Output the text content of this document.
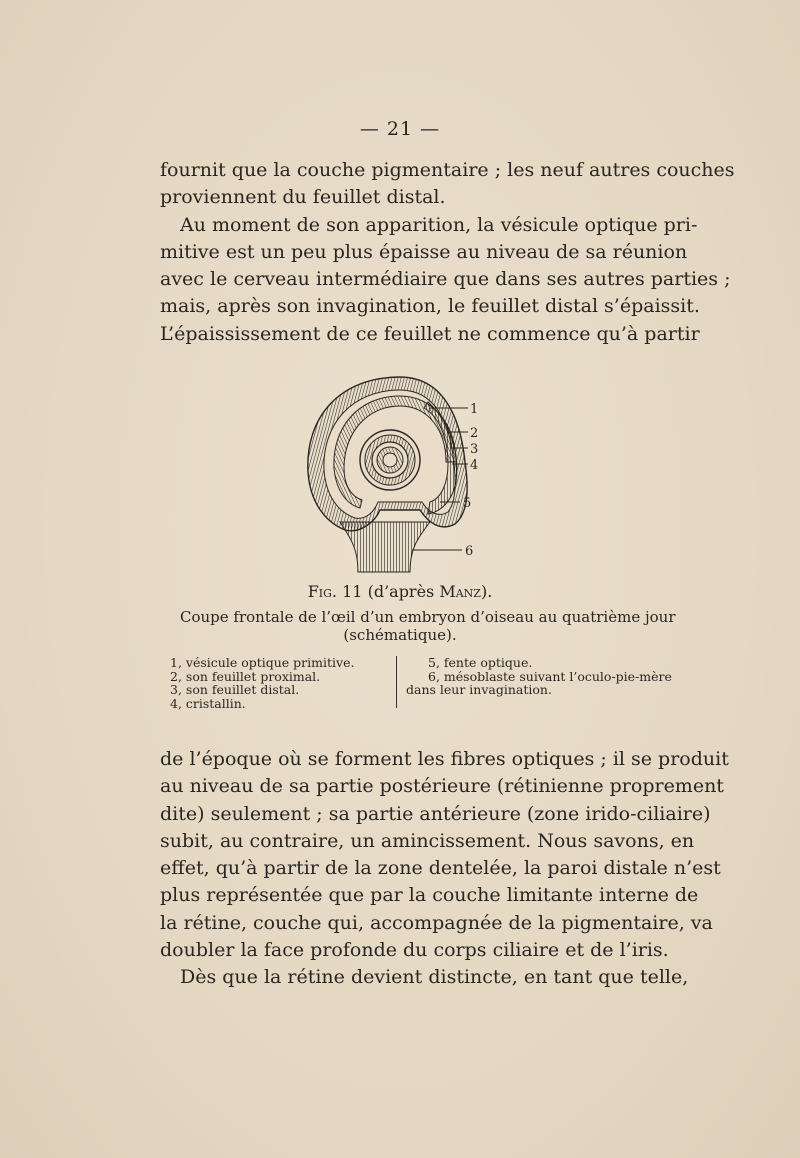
— 21 —
fournit que la couche pigmentaire ; les neuf autres couches
proviennent du feuillet distal.
Au moment de son apparition, la vésicule optique pri-
mitive est un peu plus épaisse au niveau de sa réunion
avec le cerveau intermédiaire que dans ses autres parties ;
mais, après son invagination, le feuillet distal s’épaissit.
L’épaississement de ce feuillet ne commence qu’à partir
1
2
3
4
5
6
Fig. 11 (d’après Manz).
Coupe frontale de l’œil d’un embryon d’oiseau au quatrième jour
(schématique).
1, vésicule optique primitive.
2, son feuillet proximal.
3, son feuillet distal.
4, cristallin.
5, fente optique.
6, mésoblaste suivant l’oculo-pie-mère
dans leur invagination.
de l’époque où se forment les fibres optiques ; il se produit
au niveau de sa partie postérieure (rétinienne proprement
dite) seulement ; sa partie antérieure (zone irido-ciliaire)
subit, au contraire, un amincissement. Nous savons, en
effet, qu’à partir de la zone dentelée, la paroi distale n’est
plus représentée que par la couche limitante interne de
la rétine, couche qui, accompagnée de la pigmentaire, va
doubler la face profonde du corps ciliaire et de l’iris.
Dès que la rétine devient distincte, en tant que telle,
